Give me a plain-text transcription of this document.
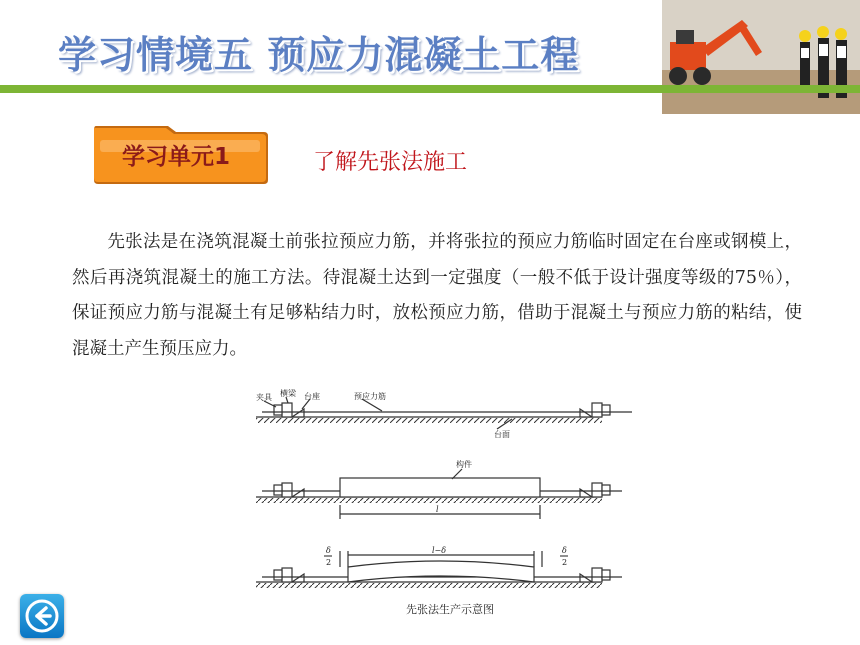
学习情境五 预应力混凝土工程
学习单元1	了解先张法施工
  先张法是在浇筑混凝土前张拉预应力筋，并将张拉的预应力筋临时固定在台座或钢模上，然后再浇筑混凝土的施工方法。待混凝土达到一定强度（一般不低于设计强度等级的75％），保证预应力筋与混凝土有足够粘结力时，放松预应力筋，借助于混凝土与预应力筋的粘结，使混凝土产生预压应力。
夹具 横梁 台座	预应力筋
台面
构件
l
l−δ
δ
2
δ
2
先张法生产示意图
